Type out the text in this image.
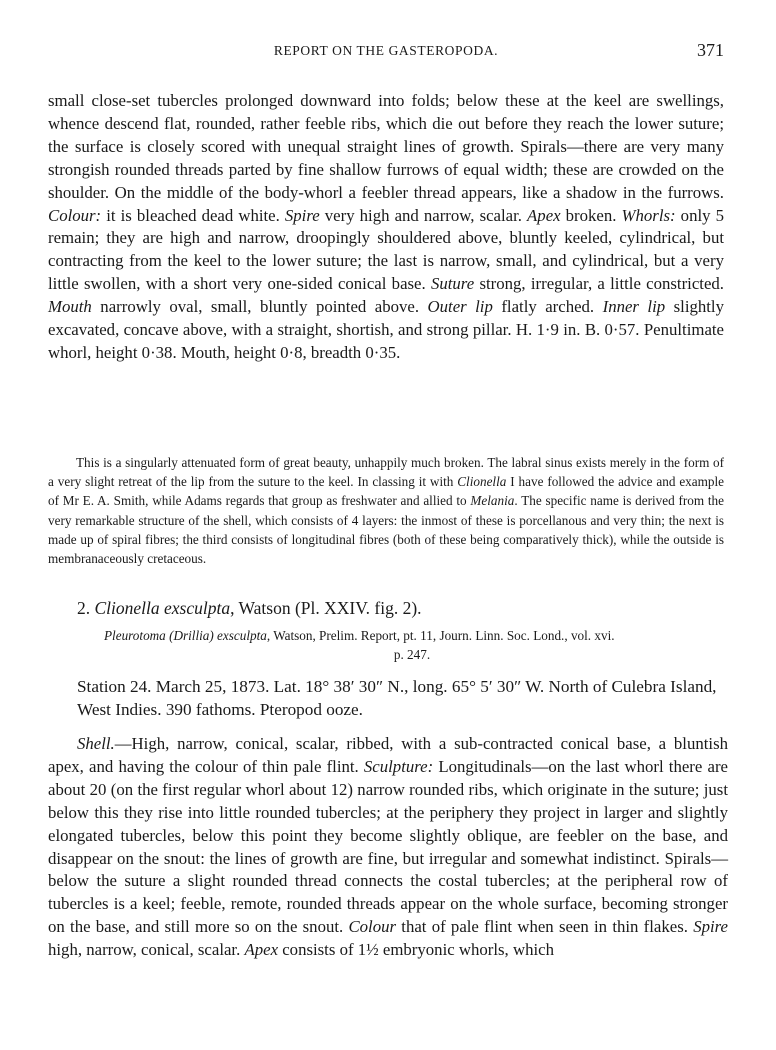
REPORT ON THE GASTEROPODA.	371

small close-set tubercles prolonged downward into folds; below these at the keel are swellings, whence descend flat, rounded, rather feeble ribs, which die out before they reach the lower suture; the surface is closely scored with unequal straight lines of growth. Spirals—there are very many strongish rounded threads parted by fine shallow furrows of equal width; these are crowded on the shoulder. On the middle of the body-whorl a feebler thread appears, like a shadow in the furrows. Colour: it is bleached dead white. Spire very high and narrow, scalar. Apex broken. Whorls: only 5 remain; they are high and narrow, droopingly shouldered above, bluntly keeled, cylindrical, but contracting from the keel to the lower suture; the last is narrow, small, and cylindrical, but a very little swollen, with a short very one-sided conical base. Suture strong, irregular, a little constricted. Mouth narrowly oval, small, bluntly pointed above. Outer lip flatly arched. Inner lip slightly excavated, concave above, with a straight, shortish, and strong pillar. H. 1·9 in. B. 0·57. Penultimate whorl, height 0·38. Mouth, height 0·8, breadth 0·35.

This is a singularly attenuated form of great beauty, unhappily much broken. The labral sinus exists merely in the form of a very slight retreat of the lip from the suture to the keel. In classing it with Clionella I have followed the advice and example of Mr E. A. Smith, while Adams regards that group as freshwater and allied to Melania. The specific name is derived from the very remarkable structure of the shell, which consists of 4 layers: the inmost of these is porcellanous and very thin; the next is made up of spiral fibres; the third consists of longitudinal fibres (both of these being comparatively thick), while the outside is membranaceously cretaceous.

2. Clionella exsculpta, Watson (Pl. XXIV. fig. 2).

Pleurotoma (Drillia) exsculpta, Watson, Prelim. Report, pt. 11, Journ. Linn. Soc. Lond., vol. xvi.
p. 247.

Station 24. March 25, 1873. Lat. 18° 38′ 30″ N., long. 65° 5′ 30″ W. North of Culebra Island, West Indies. 390 fathoms. Pteropod ooze.

Shell.—High, narrow, conical, scalar, ribbed, with a sub-contracted conical base, a bluntish apex, and having the colour of thin pale flint. Sculpture: Longitudinals—on the last whorl there are about 20 (on the first regular whorl about 12) narrow rounded ribs, which originate in the suture; just below this they rise into little rounded tubercles; at the periphery they project in larger and slightly elongated tubercles, below this point they become slightly oblique, are feebler on the base, and disappear on the snout: the lines of growth are fine, but irregular and somewhat indistinct. Spirals—below the suture a slight rounded thread connects the costal tubercles; at the peripheral row of tubercles is a keel; feeble, remote, rounded threads appear on the whole surface, becoming stronger on the base, and still more so on the snout. Colour that of pale flint when seen in thin flakes. Spire high, narrow, conical, scalar. Apex consists of 1½ embryonic whorls, which
